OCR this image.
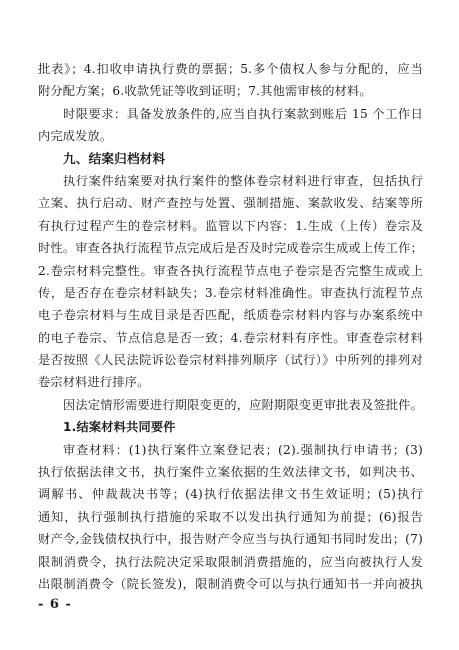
批表》；4.扣收申请执行费的票据；5.多个债权人参与分配的，应当
附分配方案；6.收款凭证等收到证明；7.其他需审核的材料。
时限要求：具备发放条件的,应当自执行案款到账后 15 个工作日
内完成发放。
九、结案归档材料
执行案件结案要对执行案件的整体卷宗材料进行审查，包括执行
立案、执行启动、财产查控与处置、强制措施、案款收发、结案等所
有执行过程产生的卷宗材料。监管以下内容：1.生成（上传）卷宗及
时性。审查各执行流程节点完成后是否及时完成卷宗生成或上传工作；
2.卷宗材料完整性。审查各执行流程节点电子卷宗是否完整生成或上
传，是否存在卷宗材料缺失；3.卷宗材料准确性。审查执行流程节点
电子卷宗材料与生成目录是否匹配，纸质卷宗材料内容与办案系统中
的电子卷宗、节点信息是否一致；4.卷宗材料有序性。审查卷宗材料
是否按照《人民法院诉讼卷宗材料排列顺序（试行）》中所列的排列对
卷宗材料进行排序。
因法定情形需要进行期限变更的，应附期限变更审批表及签批件。
1.结案材料共同要件
审查材料：(1)执行案件立案登记表；(2).强制执行申请书；(3)
执行依据法律文书，执行案件立案依据的生效法律文书，如判决书、
调解书、仲裁裁决书等；(4)执行依据法律文书生效证明；(5)执行
通知，执行强制执行措施的采取不以发出执行通知为前提；(6)报告
财产令,金钱债权执行中，报告财产令应当与执行通知书同时发出；(7)
限制消费令，执行法院决定采取限制消费措施的，应当向被执行人发
出限制消费令（院长签发)，限制消费令可以与执行通知书一并向被执
- 6 -
